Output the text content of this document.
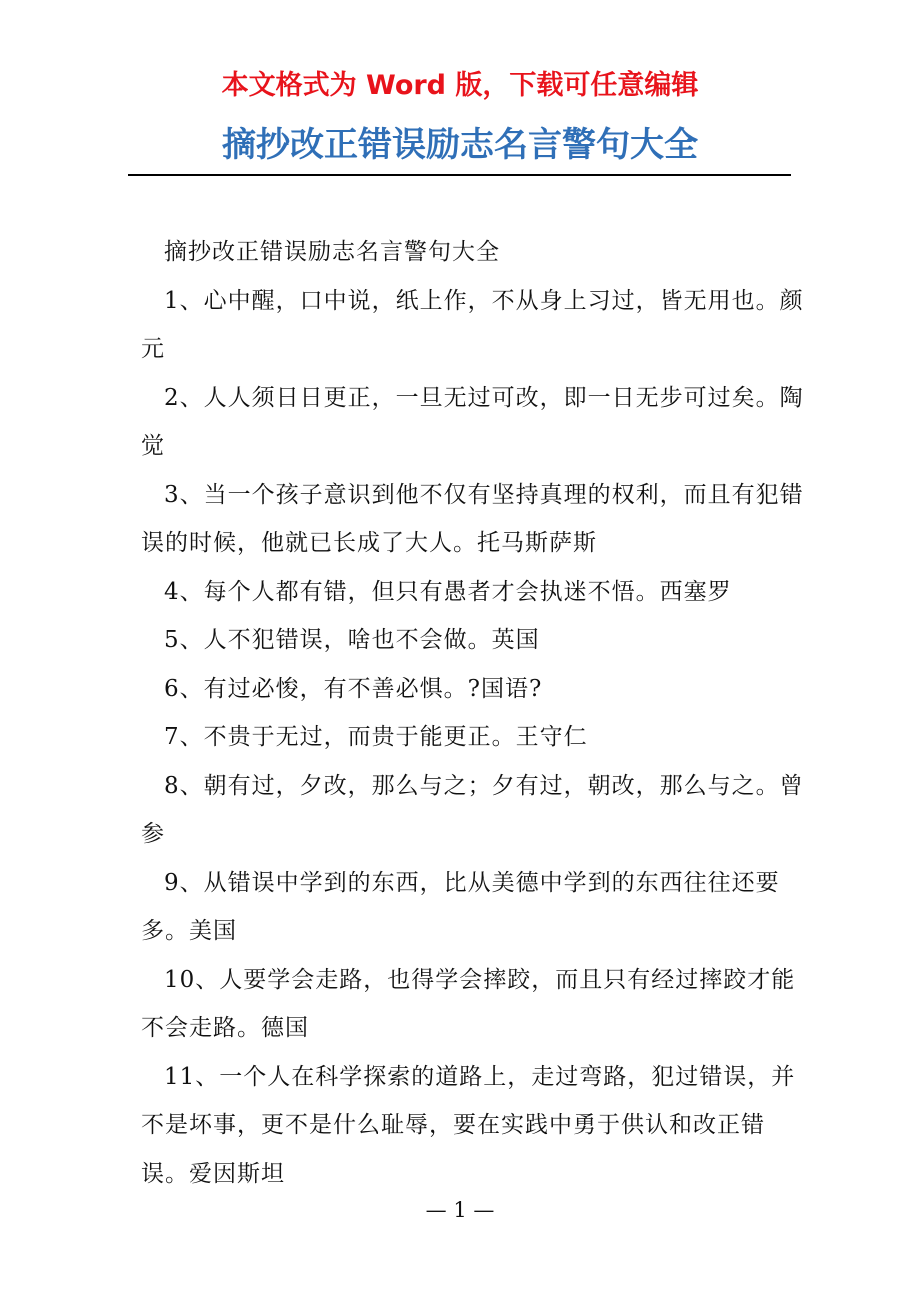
本文格式为 Word 版，下载可任意编辑
摘抄改正错误励志名言警句大全

摘抄改正错误励志名言警句大全

1、心中醒，口中说，纸上作，不从身上习过，皆无用也。颜元

2、人人须日日更正，一旦无过可改，即一日无步可过矣。陶觉

3、当一个孩子意识到他不仅有坚持真理的权利，而且有犯错误的时候，他就已长成了大人。托马斯萨斯

4、每个人都有错，但只有愚者才会执迷不悟。西塞罗

5、人不犯错误，啥也不会做。英国

6、有过必悛，有不善必惧。?国语?

7、不贵于无过，而贵于能更正。王守仁

8、朝有过，夕改，那么与之；夕有过，朝改，那么与之。曾参

9、从错误中学到的东西，比从美德中学到的东西往往还要多。美国

10、人要学会走路，也得学会摔跤，而且只有经过摔跤才能不会走路。德国

11、一个人在科学探索的道路上，走过弯路，犯过错误，并不是坏事，更不是什么耻辱，要在实践中勇于供认和改正错误。爱因斯坦

— 1 —
